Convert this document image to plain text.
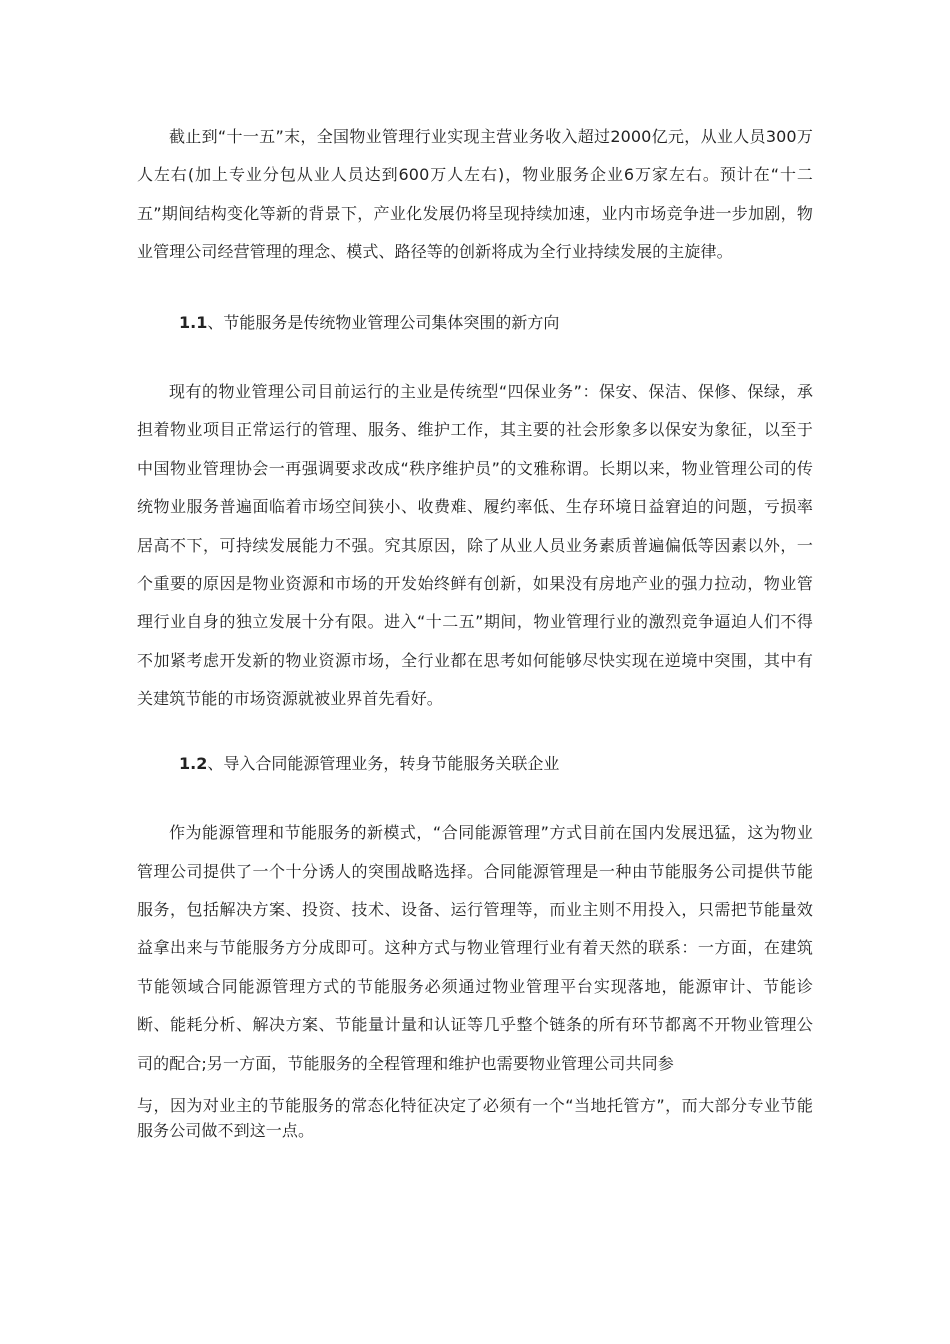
截止到“十一五”末，全国物业管理行业实现主营业务收入超过2000亿元，从业人员300万人左右(加上专业分包从业人员达到600万人左右)，物业服务企业6万家左右。预计在“十二五”期间结构变化等新的背景下，产业化发展仍将呈现持续加速，业内市场竞争进一步加剧，物业管理公司经营管理的理念、模式、路径等的创新将成为全行业持续发展的主旋律。

1.1、节能服务是传统物业管理公司集体突围的新方向

现有的物业管理公司目前运行的主业是传统型“四保业务”：保安、保洁、保修、保绿，承担着物业项目正常运行的管理、服务、维护工作，其主要的社会形象多以保安为象征，以至于中国物业管理协会一再强调要求改成“秩序维护员”的文雅称谓。长期以来，物业管理公司的传统物业服务普遍面临着市场空间狭小、收费难、履约率低、生存环境日益窘迫的问题，亏损率居高不下，可持续发展能力不强。究其原因，除了从业人员业务素质普遍偏低等因素以外，一个重要的原因是物业资源和市场的开发始终鲜有创新，如果没有房地产业的强力拉动，物业管理行业自身的独立发展十分有限。进入“十二五”期间，物业管理行业的激烈竞争逼迫人们不得不加紧考虑开发新的物业资源市场，全行业都在思考如何能够尽快实现在逆境中突围，其中有关建筑节能的市场资源就被业界首先看好。

1.2、导入合同能源管理业务，转身节能服务关联企业

作为能源管理和节能服务的新模式，“合同能源管理”方式目前在国内发展迅猛，这为物业管理公司提供了一个十分诱人的突围战略选择。合同能源管理是一种由节能服务公司提供节能服务，包括解决方案、投资、技术、设备、运行管理等，而业主则不用投入，只需把节能量效益拿出来与节能服务方分成即可。这种方式与物业管理行业有着天然的联系：一方面，在建筑节能领域合同能源管理方式的节能服务必须通过物业管理平台实现落地，能源审计、节能诊断、能耗分析、解决方案、节能量计量和认证等几乎整个链条的所有环节都离不开物业管理公司的配合;另一方面，节能服务的全程管理和维护也需要物业管理公司共同参

与，因为对业主的节能服务的常态化特征决定了必须有一个“当地托管方”，而大部分专业节能服务公司做不到这一点。
